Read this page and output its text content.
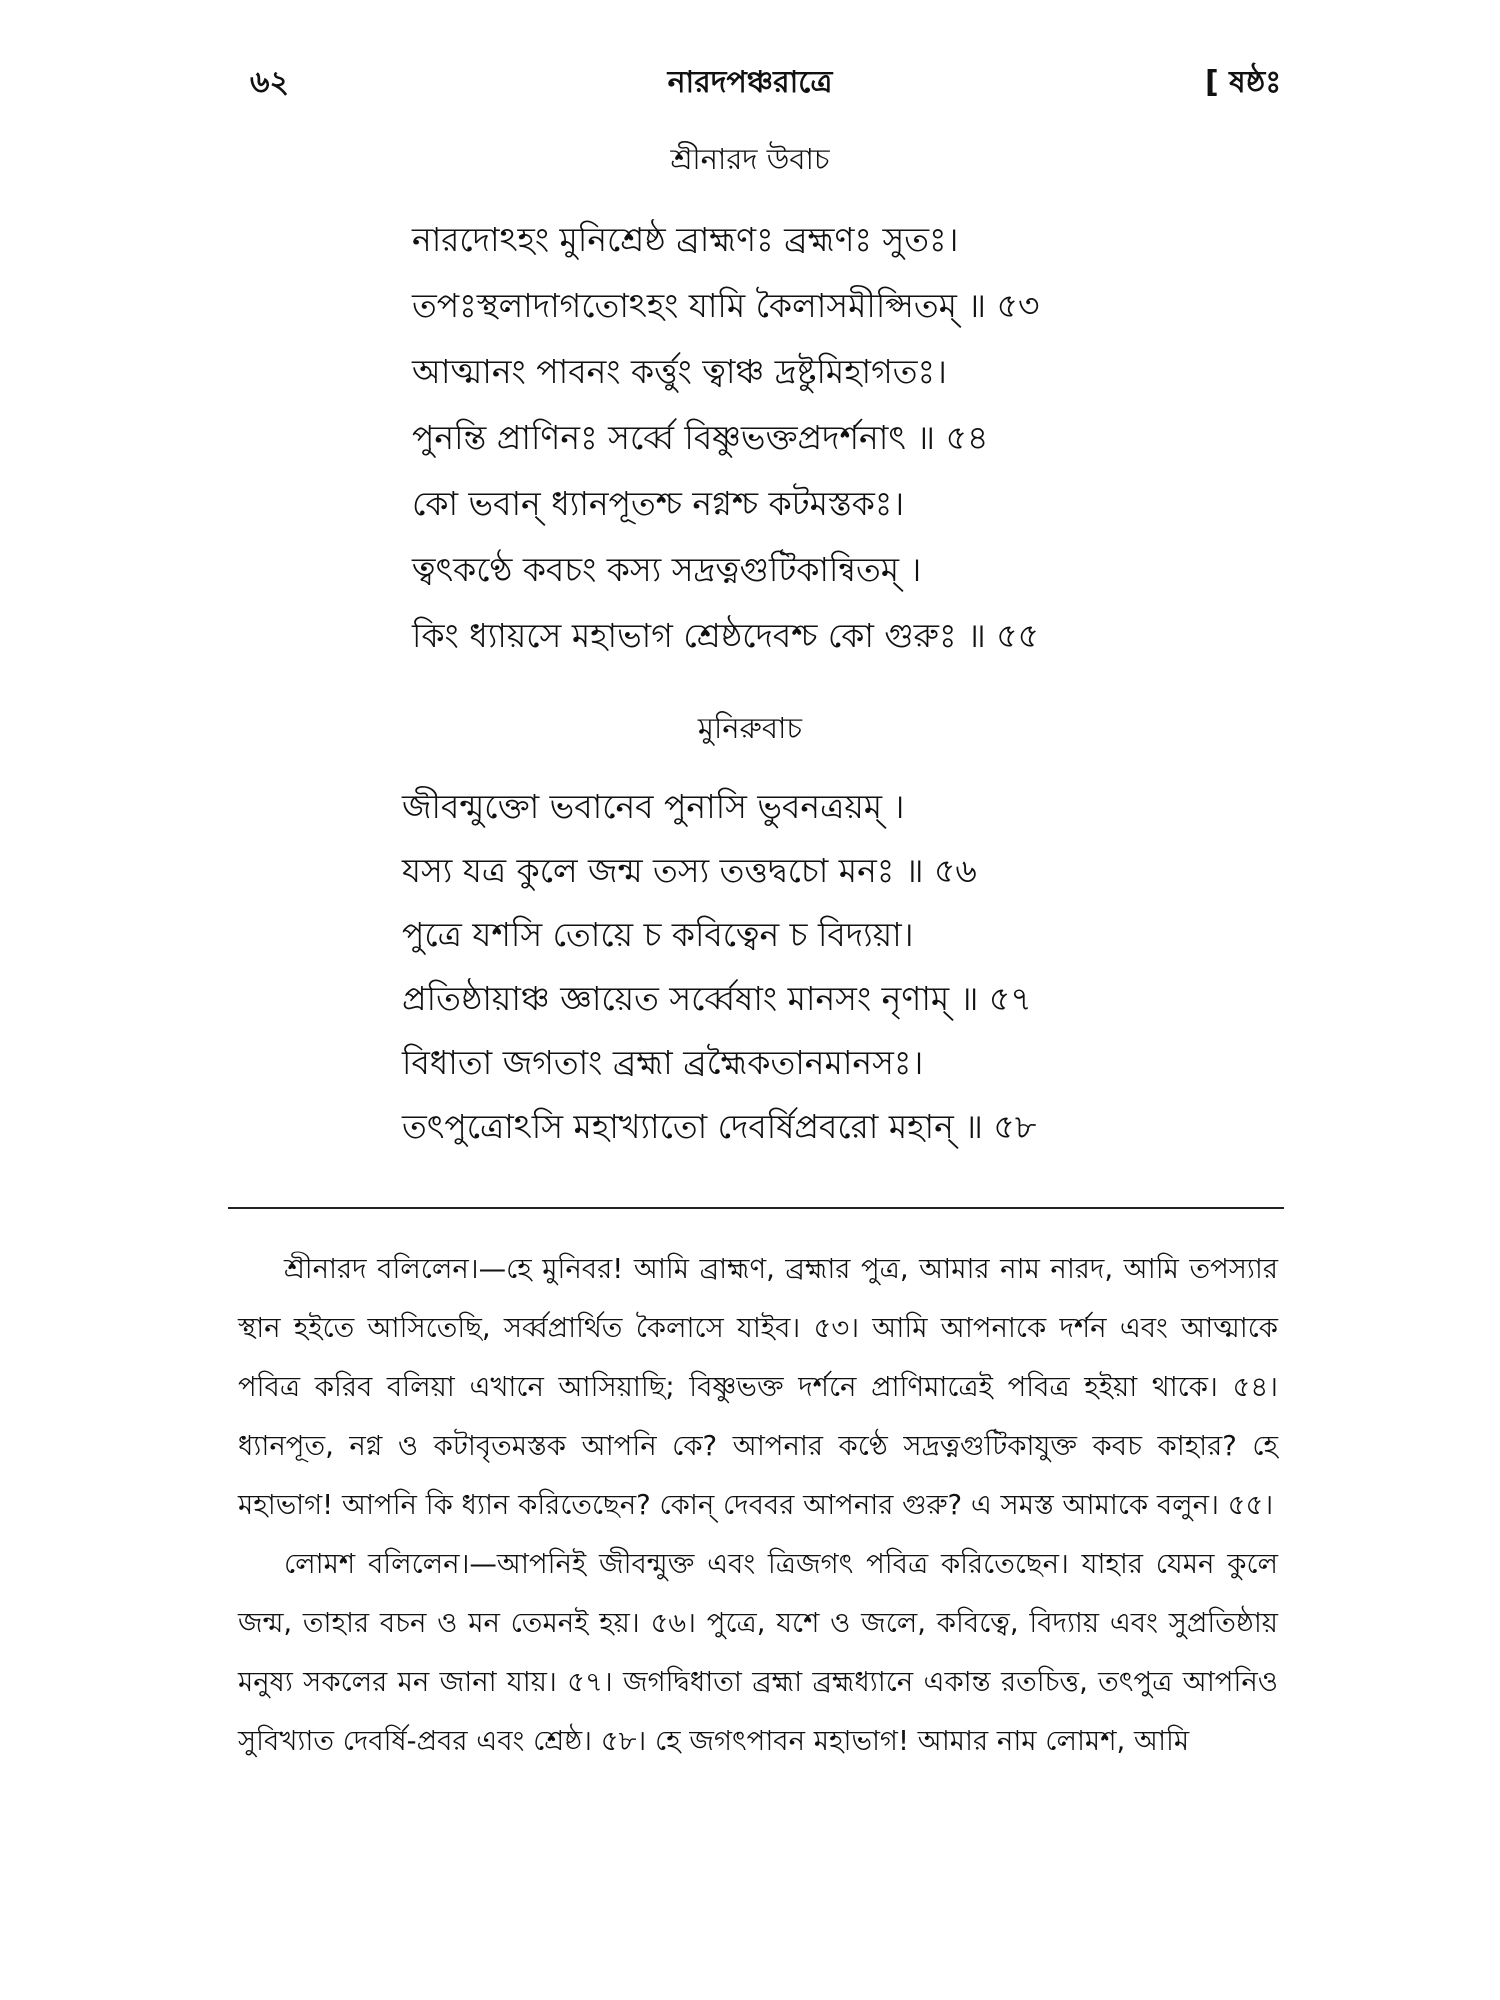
৬২	নারদপঞ্চরাত্রে	[ ষষ্ঠঃ
শ্রীনারদ উবাচ
নারদোঽহং মুনিশ্রেষ্ঠ ব্রাহ্মণঃ ব্রহ্মণঃ সুতঃ।
তপঃস্থলাদাগতোঽহং যামি কৈলাসমীপ্সিতম্ ॥ ৫৩
আত্মানং পাবনং কর্ত্তুং ত্বাঞ্চ দ্রষ্টুমিহাগতঃ।
পুনন্তি প্রাণিনঃ সর্ব্বে বিষ্ণুভক্তপ্রদর্শনাৎ ॥ ৫৪
কো ভবান্ ধ্যানপূতশ্চ নগ্নশ্চ কটমস্তকঃ।
ত্বৎকণ্ঠে কবচং কস্য সদ্রত্নগুটিকান্বিতম্ ।
কিং ধ্যায়সে মহাভাগ শ্রেষ্ঠদেবশ্চ কো গুরুঃ ॥ ৫৫
মুনিরুবাচ
জীবন্মুক্তো ভবানেব পুনাসি ভুবনত্রয়ম্ ।
যস্য যত্র কুলে জন্ম তস্য তত্তদ্বচো মনঃ ॥ ৫৬
পুত্রে যশসি তোয়ে চ কবিত্বেন চ বিদ্যয়া।
প্রতিষ্ঠায়াঞ্চ জ্ঞায়েত সর্ব্বেষাং মানসং নৃণাম্ ॥ ৫৭
বিধাতা জগতাং ব্রহ্মা ব্রহ্মৈকতানমানসঃ।
তৎপুত্রোঽসি মহাখ্যাতো দেবর্ষিপ্রবরো মহান্ ॥ ৫৮

শ্রীনারদ বলিলেন।—হে মুনিবর! আমি ব্রাহ্মণ, ব্রহ্মার পুত্র, আমার নাম নারদ, আমি তপস্যার স্থান হইতে আসিতেছি, সর্ব্বপ্রার্থিত কৈলাসে যাইব। ৫৩। আমি আপনাকে দর্শন এবং আত্মাকে পবিত্র করিব বলিয়া এখানে আসিয়াছি; বিষ্ণুভক্ত দর্শনে প্রাণিমাত্রেই পবিত্র হইয়া থাকে। ৫৪। ধ্যানপূত, নগ্ন ও কটাবৃতমস্তক আপনি কে? আপনার কণ্ঠে সদ্রত্নগুটিকাযুক্ত কবচ কাহার? হে মহাভাগ! আপনি কি ধ্যান করিতেছেন? কোন্ দেববর আপনার গুরু? এ সমস্ত আমাকে বলুন। ৫৫।

লোমশ বলিলেন।—আপনিই জীবন্মুক্ত এবং ত্রিজগৎ পবিত্র করিতেছেন। যাহার যেমন কুলে জন্ম, তাহার বচন ও মন তেমনই হয়। ৫৬। পুত্রে, যশে ও জলে, কবিত্বে, বিদ্যায় এবং সুপ্রতিষ্ঠায় মনুষ্য সকলের মন জানা যায়। ৫৭। জগদ্বিধাতা ব্রহ্মা ব্রহ্মধ্যানে একান্ত রতচিত্ত, তৎপুত্র আপনিও সুবিখ্যাত দেবর্ষি-প্রবর এবং শ্রেষ্ঠ। ৫৮। হে জগৎপাবন মহাভাগ! আমার নাম লোমশ, আমি
